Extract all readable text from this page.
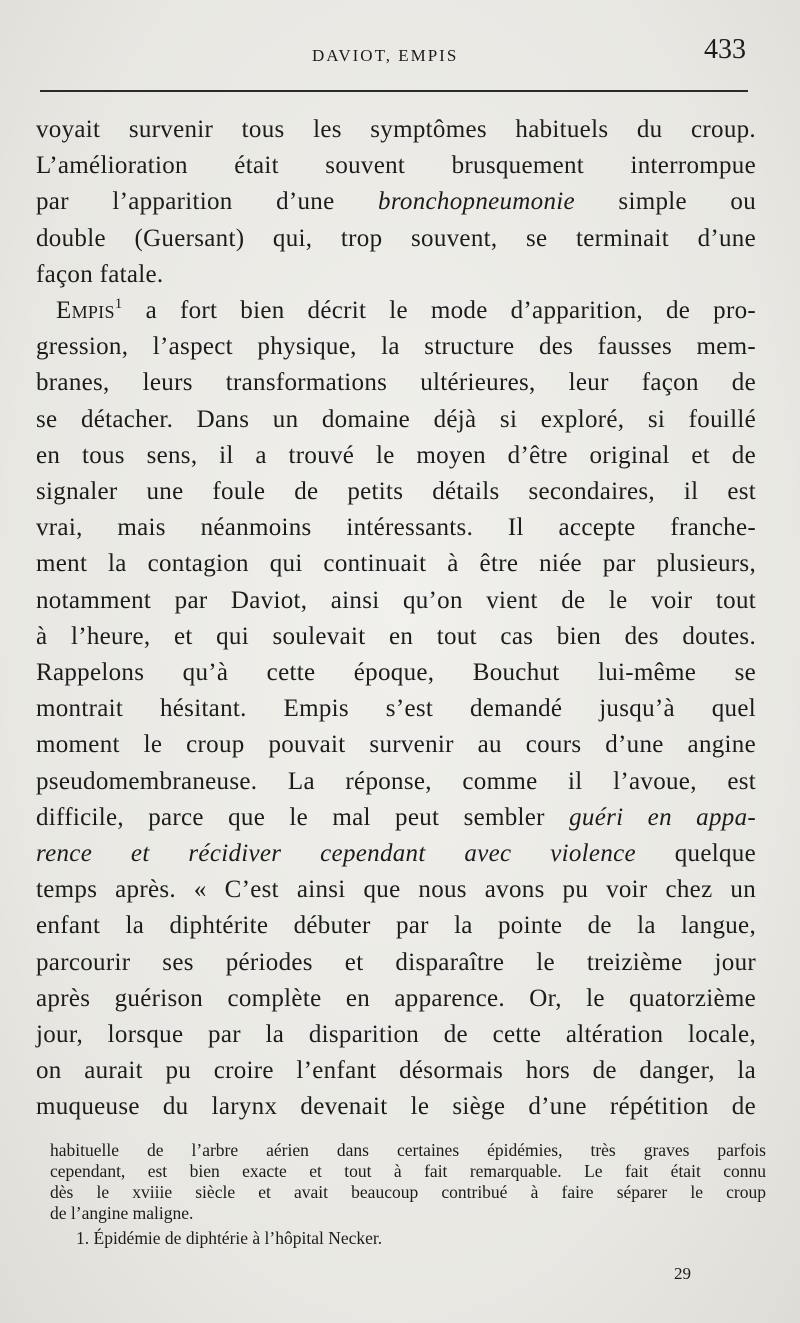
DAVIOT, EMPIS	433
voyait survenir tous les symptômes habituels du croup.
L’amélioration était souvent brusquement interrompue
par l’apparition d’une bronchopneumonie simple ou
double (Guersant) qui, trop souvent, se terminait d’une
façon fatale.
Empis$^1$ a fort bien décrit le mode d’apparition, de pro-
gression, l’aspect physique, la structure des fausses mem-
branes, leurs transformations ultérieures, leur façon de
se détacher. Dans un domaine déjà si exploré, si fouillé
en tous sens, il a trouvé le moyen d’être original et de
signaler une foule de petits détails secondaires, il est
vrai, mais néanmoins intéressants. Il accepte franche-
ment la contagion qui continuait à être niée par plusieurs,
notamment par Daviot, ainsi qu’on vient de le voir tout
à l’heure, et qui soulevait en tout cas bien des doutes.
Rappelons qu’à cette époque, Bouchut lui-même se
montrait hésitant. Empis s’est demandé jusqu’à quel
moment le croup pouvait survenir au cours d’une angine
pseudomembraneuse. La réponse, comme il l’avoue, est
difficile, parce que le mal peut sembler guéri en appa-
rence et récidiver cependant avec violence quelque
temps après. « C’est ainsi que nous avons pu voir chez un
enfant la diphtérite débuter par la pointe de la langue,
parcourir ses périodes et disparaître le treizième jour
après guérison complète en apparence. Or, le quatorzième
jour, lorsque par la disparition de cette altération locale,
on aurait pu croire l’enfant désormais hors de danger, la
muqueuse du larynx devenait le siège d’une répétition de
habituelle de l’arbre aérien dans certaines épidémies, très graves parfois
cependant, est bien exacte et tout à fait remarquable. Le fait était connu
dès le xviiie siècle et avait beaucoup contribué à faire séparer le croup
de l’angine maligne.
1. Épidémie de diphtérie à l’hôpital Necker.
29
